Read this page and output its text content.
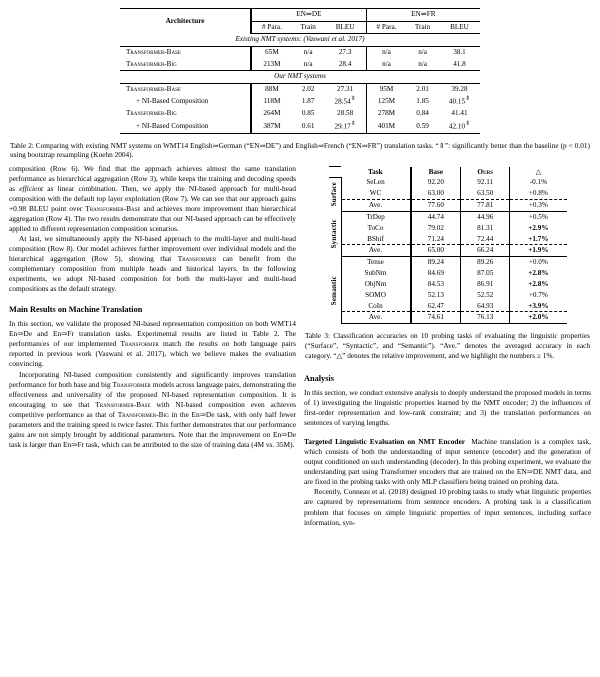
Architecture	EN⇒DE			EN⇒FR		
	# Para.	Train	BLEU	# Para.	Train	BLEU
Existing NMT systems: (Vaswani et al. 2017)						
Transformer-Base	65M	n/a	27.3	n/a	n/a	38.1
Transformer-Big	213M	n/a	28.4	n/a	n/a	41.8
Our NMT systems						
Transformer-Base	88M	2.02	27.31	95M	2.01	39.28
+ NI-Based Composition	118M	1.87	28.54⇑	125M	1.85	40.15⇑
Transformer-Big	264M	0.85	28.58	278M	0.84	41.41
+ NI-Based Composition	387M	0.61	29.17⇑	401M	0.59	42.10⇑
Table 2: Comparing with existing NMT systems on WMT14 English⇒German (“EN⇒DE”) and English⇒French (“EN⇒FR”) translation tasks. “⇑”: significantly better than the baseline (p < 0.01) using bootstrap resampling (Koehn 2004).

composition (Row 6). We find that the approach achieves almost the same translation performance as hierarchical aggregation (Row 3), while keeps the training and decoding speeds as efficient as linear combination. Then, we apply the NI-based approach for multi-head composition with the default top layer exploitation (Row 7). We can see that our approach gains +0.98 BLEU point over Transformer-Base and achieves more improvement than hierarchical aggregation (Row 4). The two results demonstrate that our NI-based approach can be effectively applied to different representation composition scenarios.

At last, we simultaneously apply the NI-based approach to the multi-layer and multi-head composition (Row 8). Our model achieves further improvement over individual models and the hierarchical aggregation (Row 5), showing that Transformer can benefit from the complementary composition from multiple heads and historical layers. In the following experiments, we adopt NI-based composition for both the multi-layer and multi-head compositions as the default strategy.

Main Results on Machine Translation

In this section, we validate the proposed NI-based representation composition on both WMT14 En⇒De and En⇒Fr translation tasks. Experimental results are listed in Table 2. The performances of our implemented Transformer match the results on both language pairs reported in previous work (Vaswani et al. 2017), which we believe makes the evaluation convincing.

Incorporating NI-based composition consistently and significantly improves translation performance for both base and big Transformer models across language pairs, demonstrating the effectiveness and universality of the proposed NI-based representation composition. It is encouraging to see that Transformer-Base with NI-based composition even achieves competitive performance as that of Transformer-Big in the En⇒De task, with only half fewer parameters and the training speed is twice faster. This further demonstrates that our performance gains are not simply brought by additional parameters. Note that the improvement on En⇒De task is larger than En⇒Fr task, which can be attributed to the size of training data (4M vs. 35M).

	Task	Base	Ours	△

Surface	SeLen	92.20	92.11	-0.1%
	WC	63.00	63.50	+0.8%
	Ave.	77.60	77.81	+0.3%

Syntactic	TrDep	44.74	44.96	+0.5%
	ToCo	79.02	81.31	+2.9%
	BShif	71.24	72.44	+1.7%
	Ave.	65.00	66.24	+1.9%

Semantic	Tense	89.24	89.26	+0.0%
	SubNm	84.69	87.05	+2.8%
	ObjNm	84.53	86.91	+2.8%
	SOMO	52.13	52.52	+0.7%
	CoIn	62.47	64.93	+3.9%
	Ave.	74.61	76.13	+2.0%
Table 3: Classification accuracies on 10 probing tasks of evaluating the linguistic properties (“Surface”, “Syntactic”, and “Semantic”). “Ave.” denotes the averaged accuracy in each category. “△” denotes the relative improvement, and we highlight the numbers ≥ 1%.
Analysis

In this section, we conduct extensive analysis to deeply understand the proposed models in terms of 1) investigating the linguistic properties learned by the NMT encoder; 2) the influences of first-order representation and low-rank constraint; and 3) the translation performances on sentences of varying lengths.

Targeted Linguistic Evaluation on NMT Encoder Machine translation is a complex task, which consists of both the understanding of input sentence (encoder) and the generation of output conditioned on such understanding (decoder). In this probing experiment, we evaluate the understanding part using Transformer encoders that are trained on the EN⇒DE NMT data, and are fixed in the probing tasks with only MLP classifiers being trained on probing data.

Recently, Conneau et al. (2018) designed 10 probing tasks to study what linguistic properties are captured by representations from sentence encoders. A probing task is a classification problem that focuses on simple linguistic properties of input sentences, including surface information, syn-
